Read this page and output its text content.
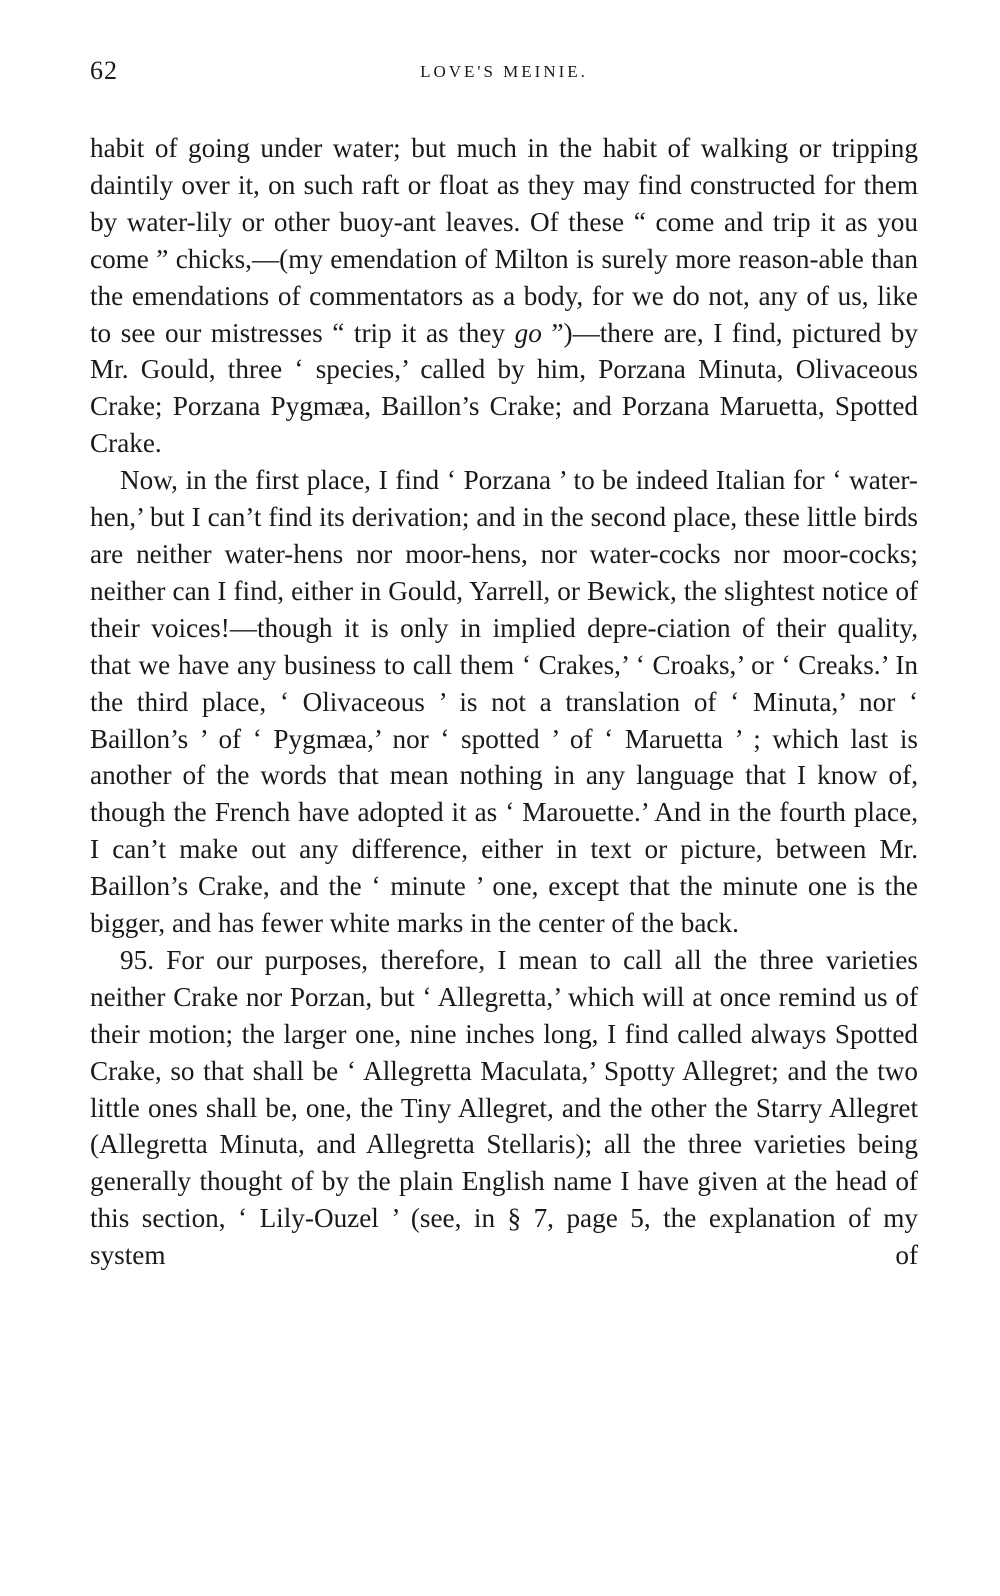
62	LOVE'S MEINIE.

habit of going under water; but much in the habit of walking or tripping daintily over it, on such raft or float as they may find constructed for them by water-lily or other buoy-ant leaves. Of these “ come and trip it as you come ” chicks,—(my emendation of Milton is surely more reason-able than the emendations of commentators as a body, for we do not, any of us, like to see our mistresses “ trip it as they go ”)—there are, I find, pictured by Mr. Gould, three ‘ species,’ called by him, Porzana Minuta, Olivaceous Crake; Porzana Pygmæa, Baillon’s Crake; and Porzana Maruetta, Spotted Crake.

Now, in the first place, I find ‘ Porzana ’ to be indeed Italian for ‘ water-hen,’ but I can’t find its derivation; and in the second place, these little birds are neither water-hens nor moor-hens, nor water-cocks nor moor-cocks; neither can I find, either in Gould, Yarrell, or Bewick, the slightest notice of their voices!—though it is only in implied depre-ciation of their quality, that we have any business to call them ‘ Crakes,’ ‘ Croaks,’ or ‘ Creaks.’ In the third place, ‘ Olivaceous ’ is not a translation of ‘ Minuta,’ nor ‘ Baillon’s ’ of ‘ Pygmæa,’ nor ‘ spotted ’ of ‘ Maruetta ’ ; which last is another of the words that mean nothing in any language that I know of, though the French have adopted it as ‘ Marouette.’ And in the fourth place, I can’t make out any difference, either in text or picture, between Mr. Baillon’s Crake, and the ‘ minute ’ one, except that the minute one is the bigger, and has fewer white marks in the center of the back.

95. For our purposes, therefore, I mean to call all the three varieties neither Crake nor Porzan, but ‘ Allegretta,’ which will at once remind us of their motion; the larger one, nine inches long, I find called always Spotted Crake, so that shall be ‘ Allegretta Maculata,’ Spotty Allegret; and the two little ones shall be, one, the Tiny Allegret, and the other the Starry Allegret (Allegretta Minuta, and Allegretta Stellaris); all the three varieties being generally thought of by the plain English name I have given at the head of this section, ‘ Lily-Ouzel ’ (see, in § 7, page 5, the explanation of my system of
